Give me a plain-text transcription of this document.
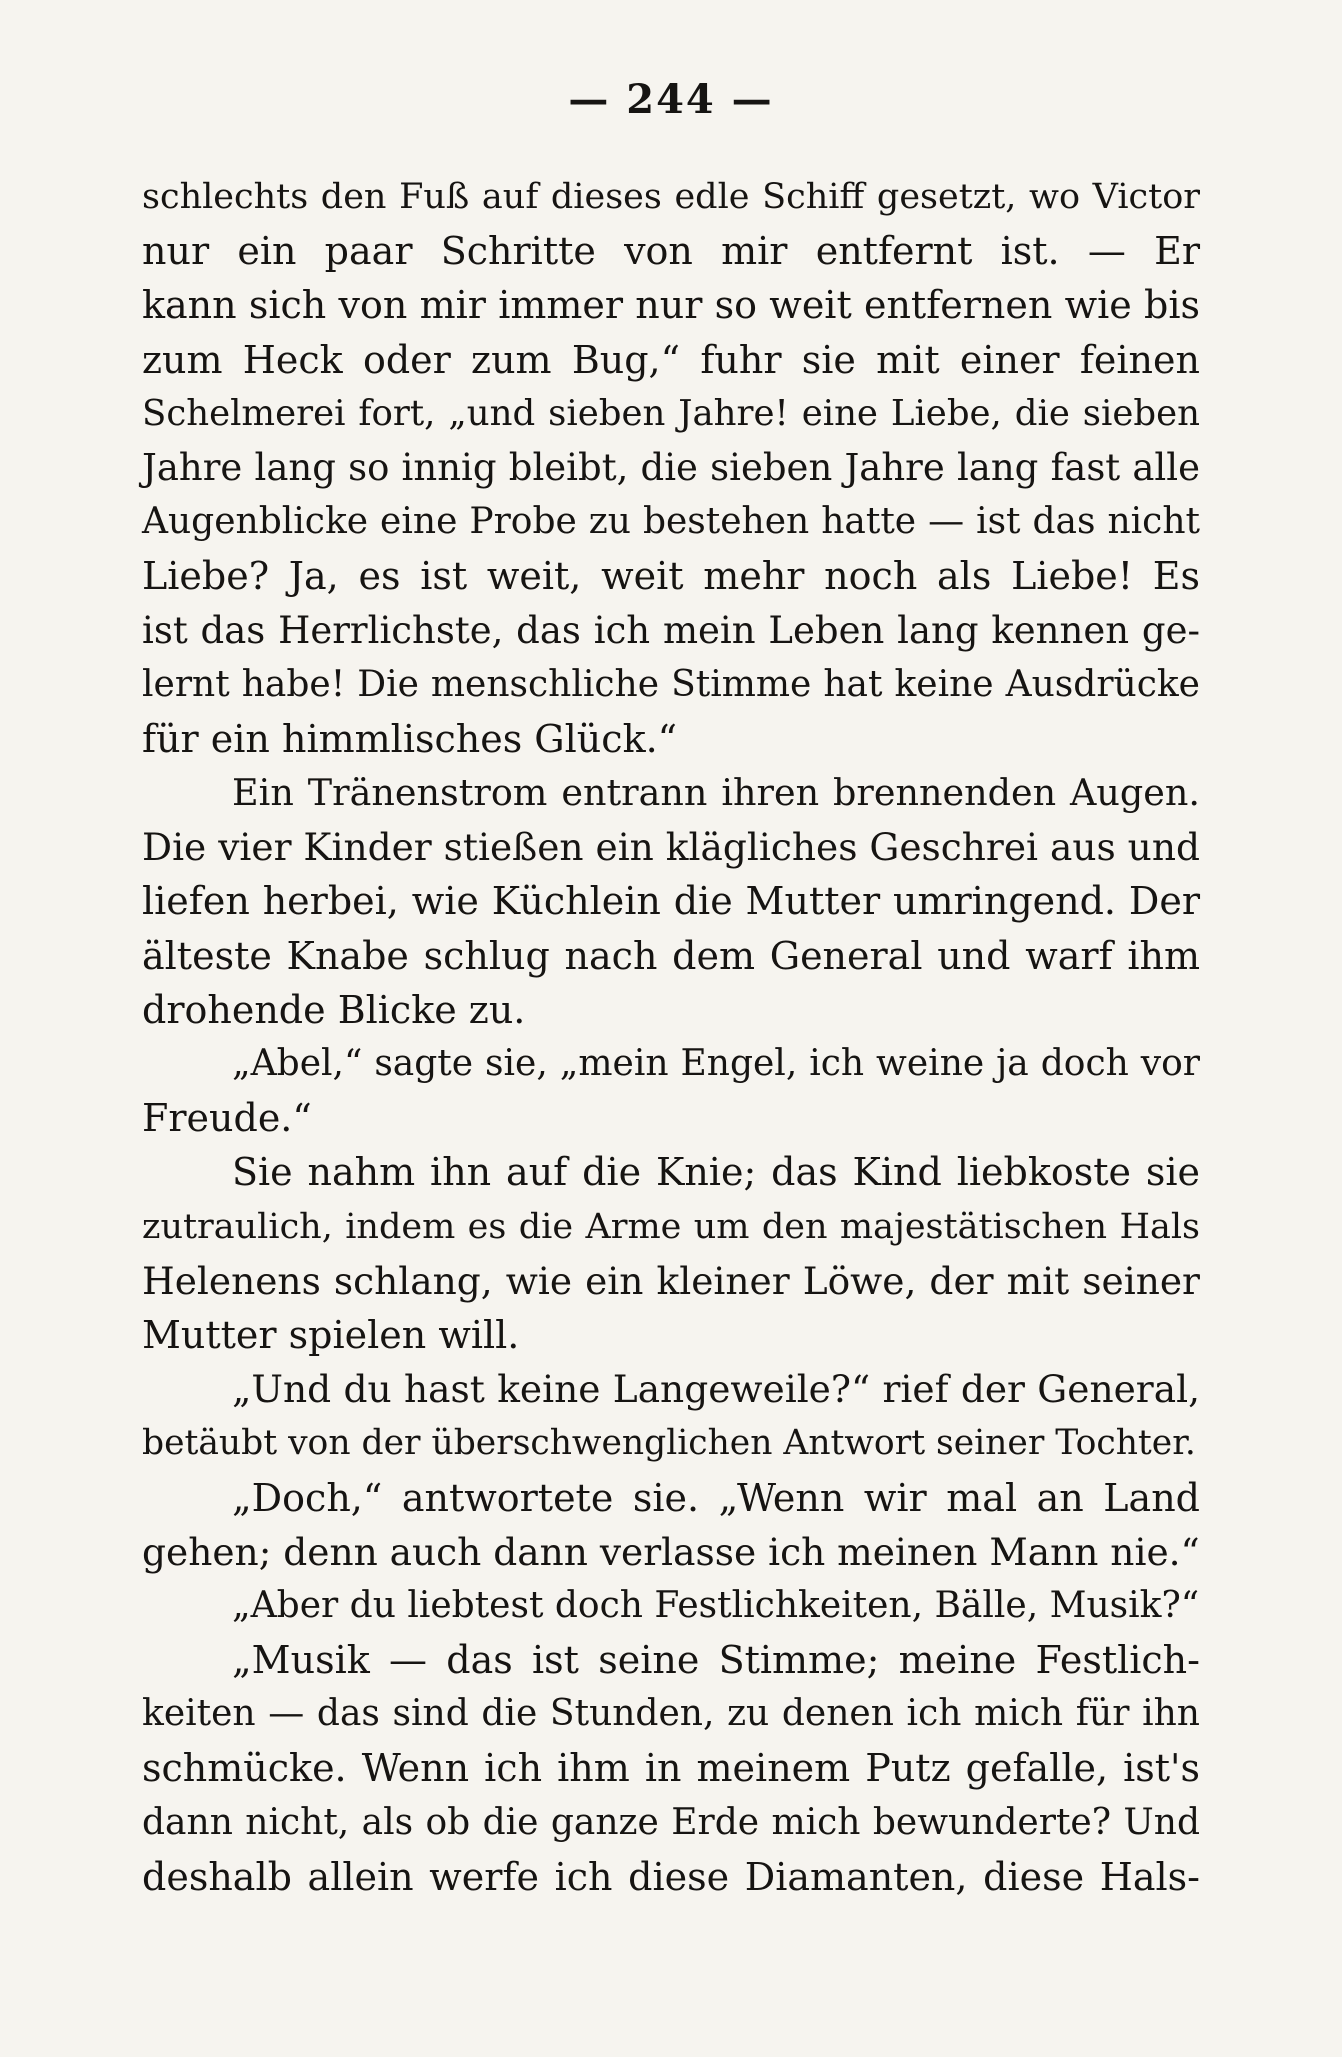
— 244 —
schlechts den Fuß auf dieses edle Schiff gesetzt, wo Victor
nur ein paar Schritte von mir entfernt ist. — Er
kann sich von mir immer nur so weit entfernen wie bis
zum Heck oder zum Bug,“ fuhr sie mit einer feinen
Schelmerei fort, „und sieben Jahre! eine Liebe, die sieben
Jahre lang so innig bleibt, die sieben Jahre lang fast alle
Augenblicke eine Probe zu bestehen hatte — ist das nicht
Liebe? Ja, es ist weit, weit mehr noch als Liebe! Es
ist das Herrlichste, das ich mein Leben lang kennen ge-
lernt habe! Die menschliche Stimme hat keine Ausdrücke
für ein himmlisches Glück.“
Ein Tränenstrom entrann ihren brennenden Augen.
Die vier Kinder stießen ein klägliches Geschrei aus und
liefen herbei, wie Küchlein die Mutter umringend. Der
älteste Knabe schlug nach dem General und warf ihm
drohende Blicke zu.
„Abel,“ sagte sie, „mein Engel, ich weine ja doch vor
Freude.“
Sie nahm ihn auf die Knie; das Kind liebkoste sie
zutraulich, indem es die Arme um den majestätischen Hals
Helenens schlang, wie ein kleiner Löwe, der mit seiner
Mutter spielen will.
„Und du hast keine Langeweile?“ rief der General,
betäubt von der überschwenglichen Antwort seiner Tochter.
„Doch,“ antwortete sie. „Wenn wir mal an Land
gehen; denn auch dann verlasse ich meinen Mann nie.“
„Aber du liebtest doch Festlichkeiten, Bälle, Musik?“
„Musik — das ist seine Stimme; meine Festlich-
keiten — das sind die Stunden, zu denen ich mich für ihn
schmücke. Wenn ich ihm in meinem Putz gefalle, ist's
dann nicht, als ob die ganze Erde mich bewunderte? Und
deshalb allein werfe ich diese Diamanten, diese Hals-
